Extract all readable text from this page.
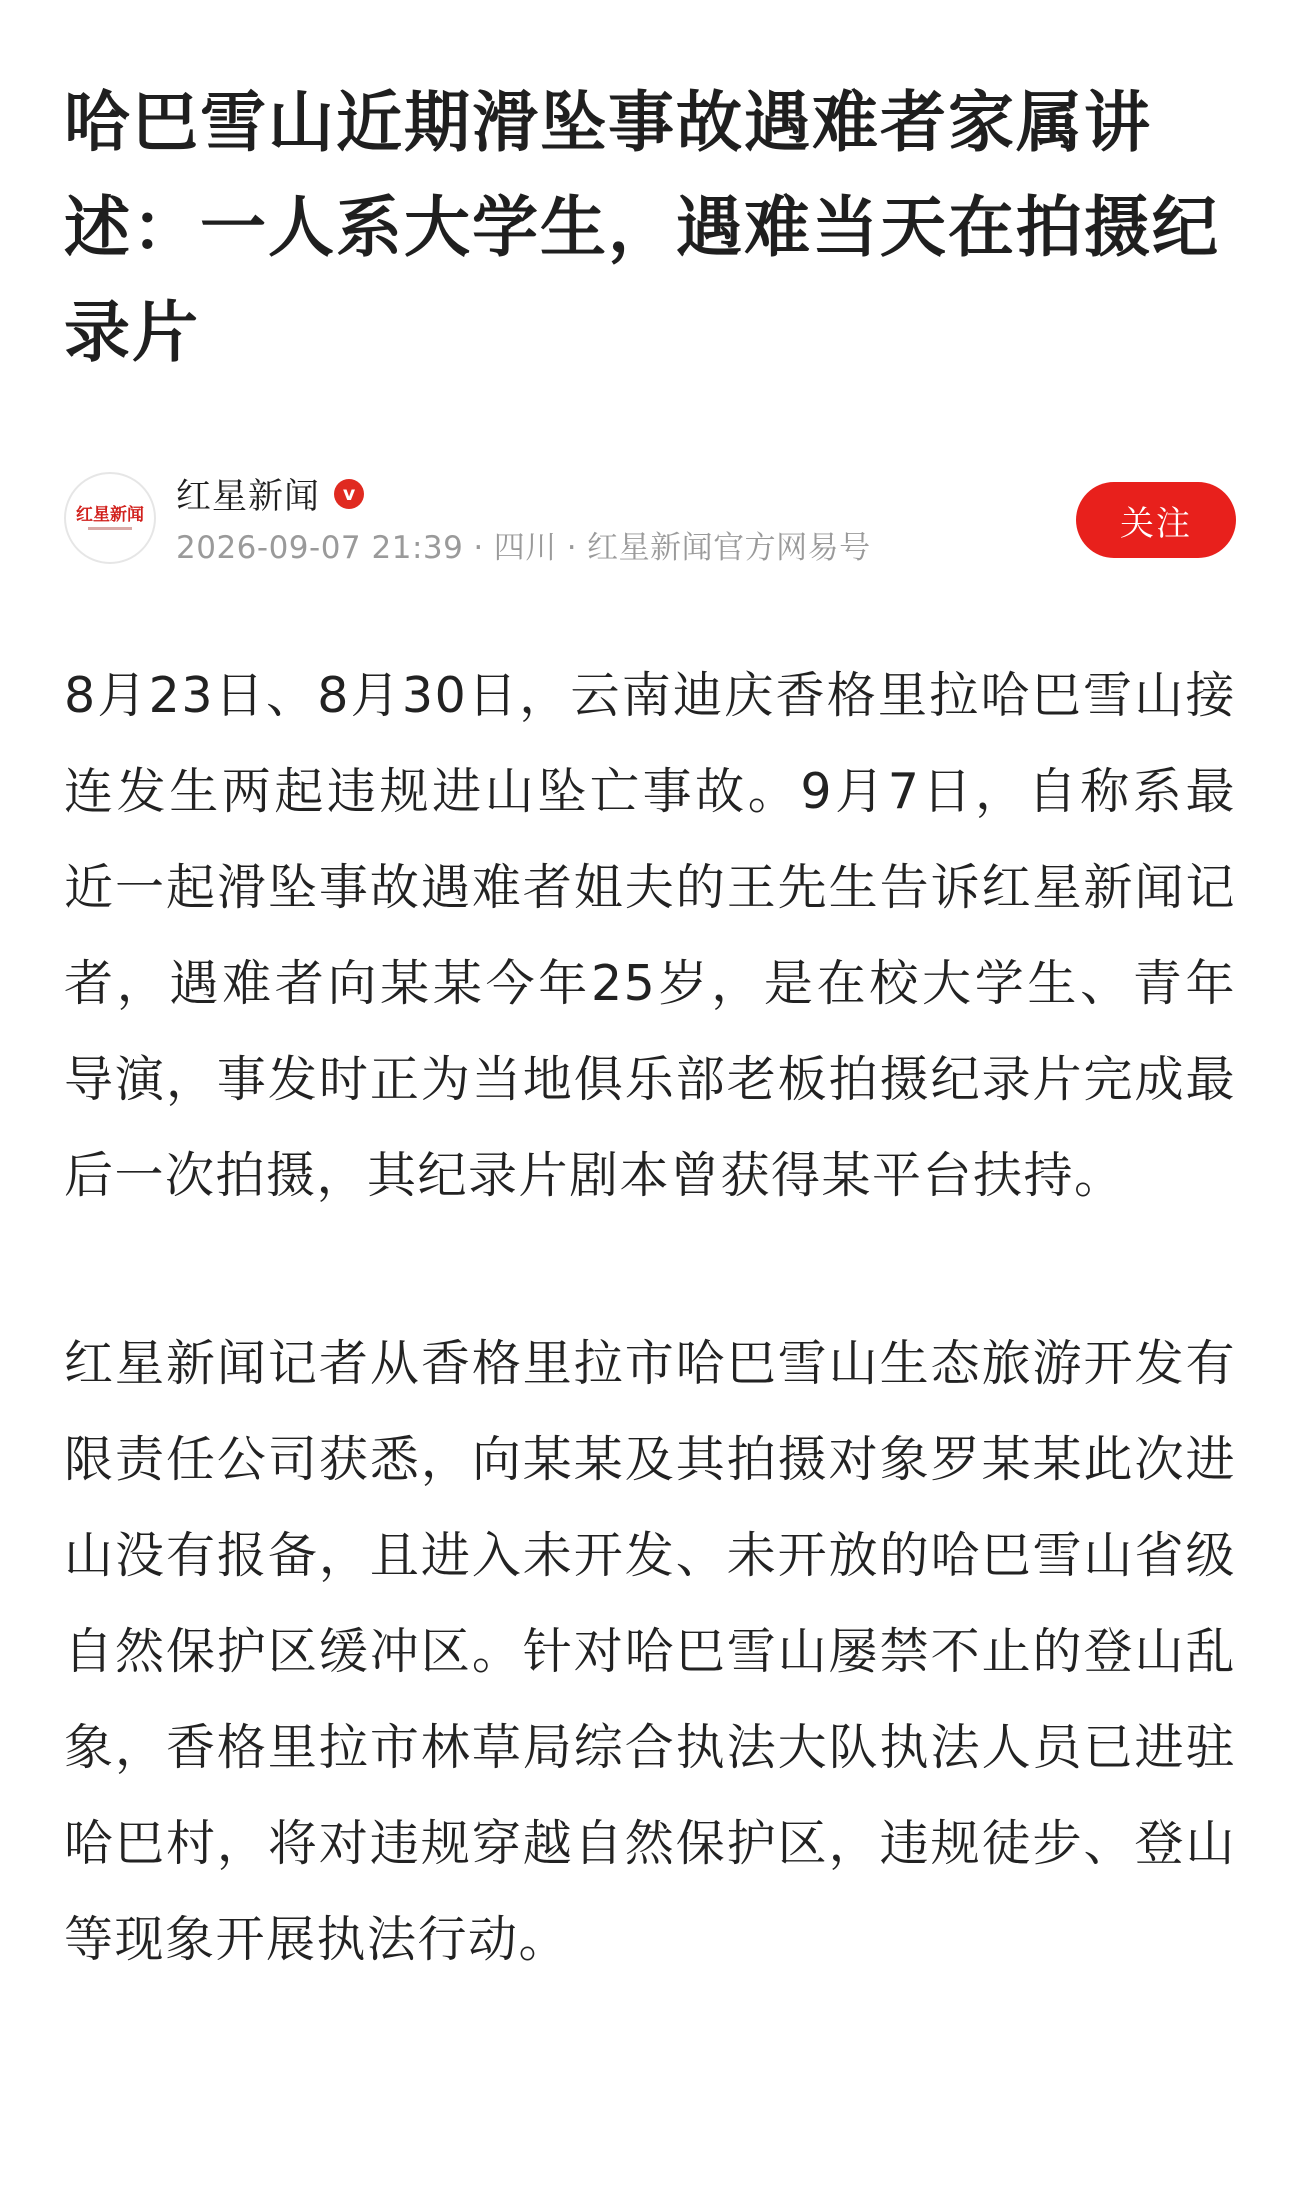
哈巴雪山近期滑坠事故遇难者家属讲述：一人系大学生，遇难当天在拍摄纪录片
红星新闻 红星新闻	v
2026-09-07 21:39 · 四川 · 红星新闻官方网易号
关注

8月23日、8月30日，云南迪庆香格里拉哈巴雪山接连发生两起违规进山坠亡事故。9月7日，自称系最近一起滑坠事故遇难者姐夫的王先生告诉红星新闻记者，遇难者向某某今年25岁，是在校大学生、青年导演，事发时正为当地俱乐部老板拍摄纪录片完成最后一次拍摄，其纪录片剧本曾获得某平台扶持。

红星新闻记者从香格里拉市哈巴雪山生态旅游开发有限责任公司获悉，向某某及其拍摄对象罗某某此次进山没有报备，且进入未开发、未开放的哈巴雪山省级自然保护区缓冲区。针对哈巴雪山屡禁不止的登山乱象，香格里拉市林草局综合执法大队执法人员已进驻哈巴村，将对违规穿越自然保护区，违规徒步、登山等现象开展执法行动。
